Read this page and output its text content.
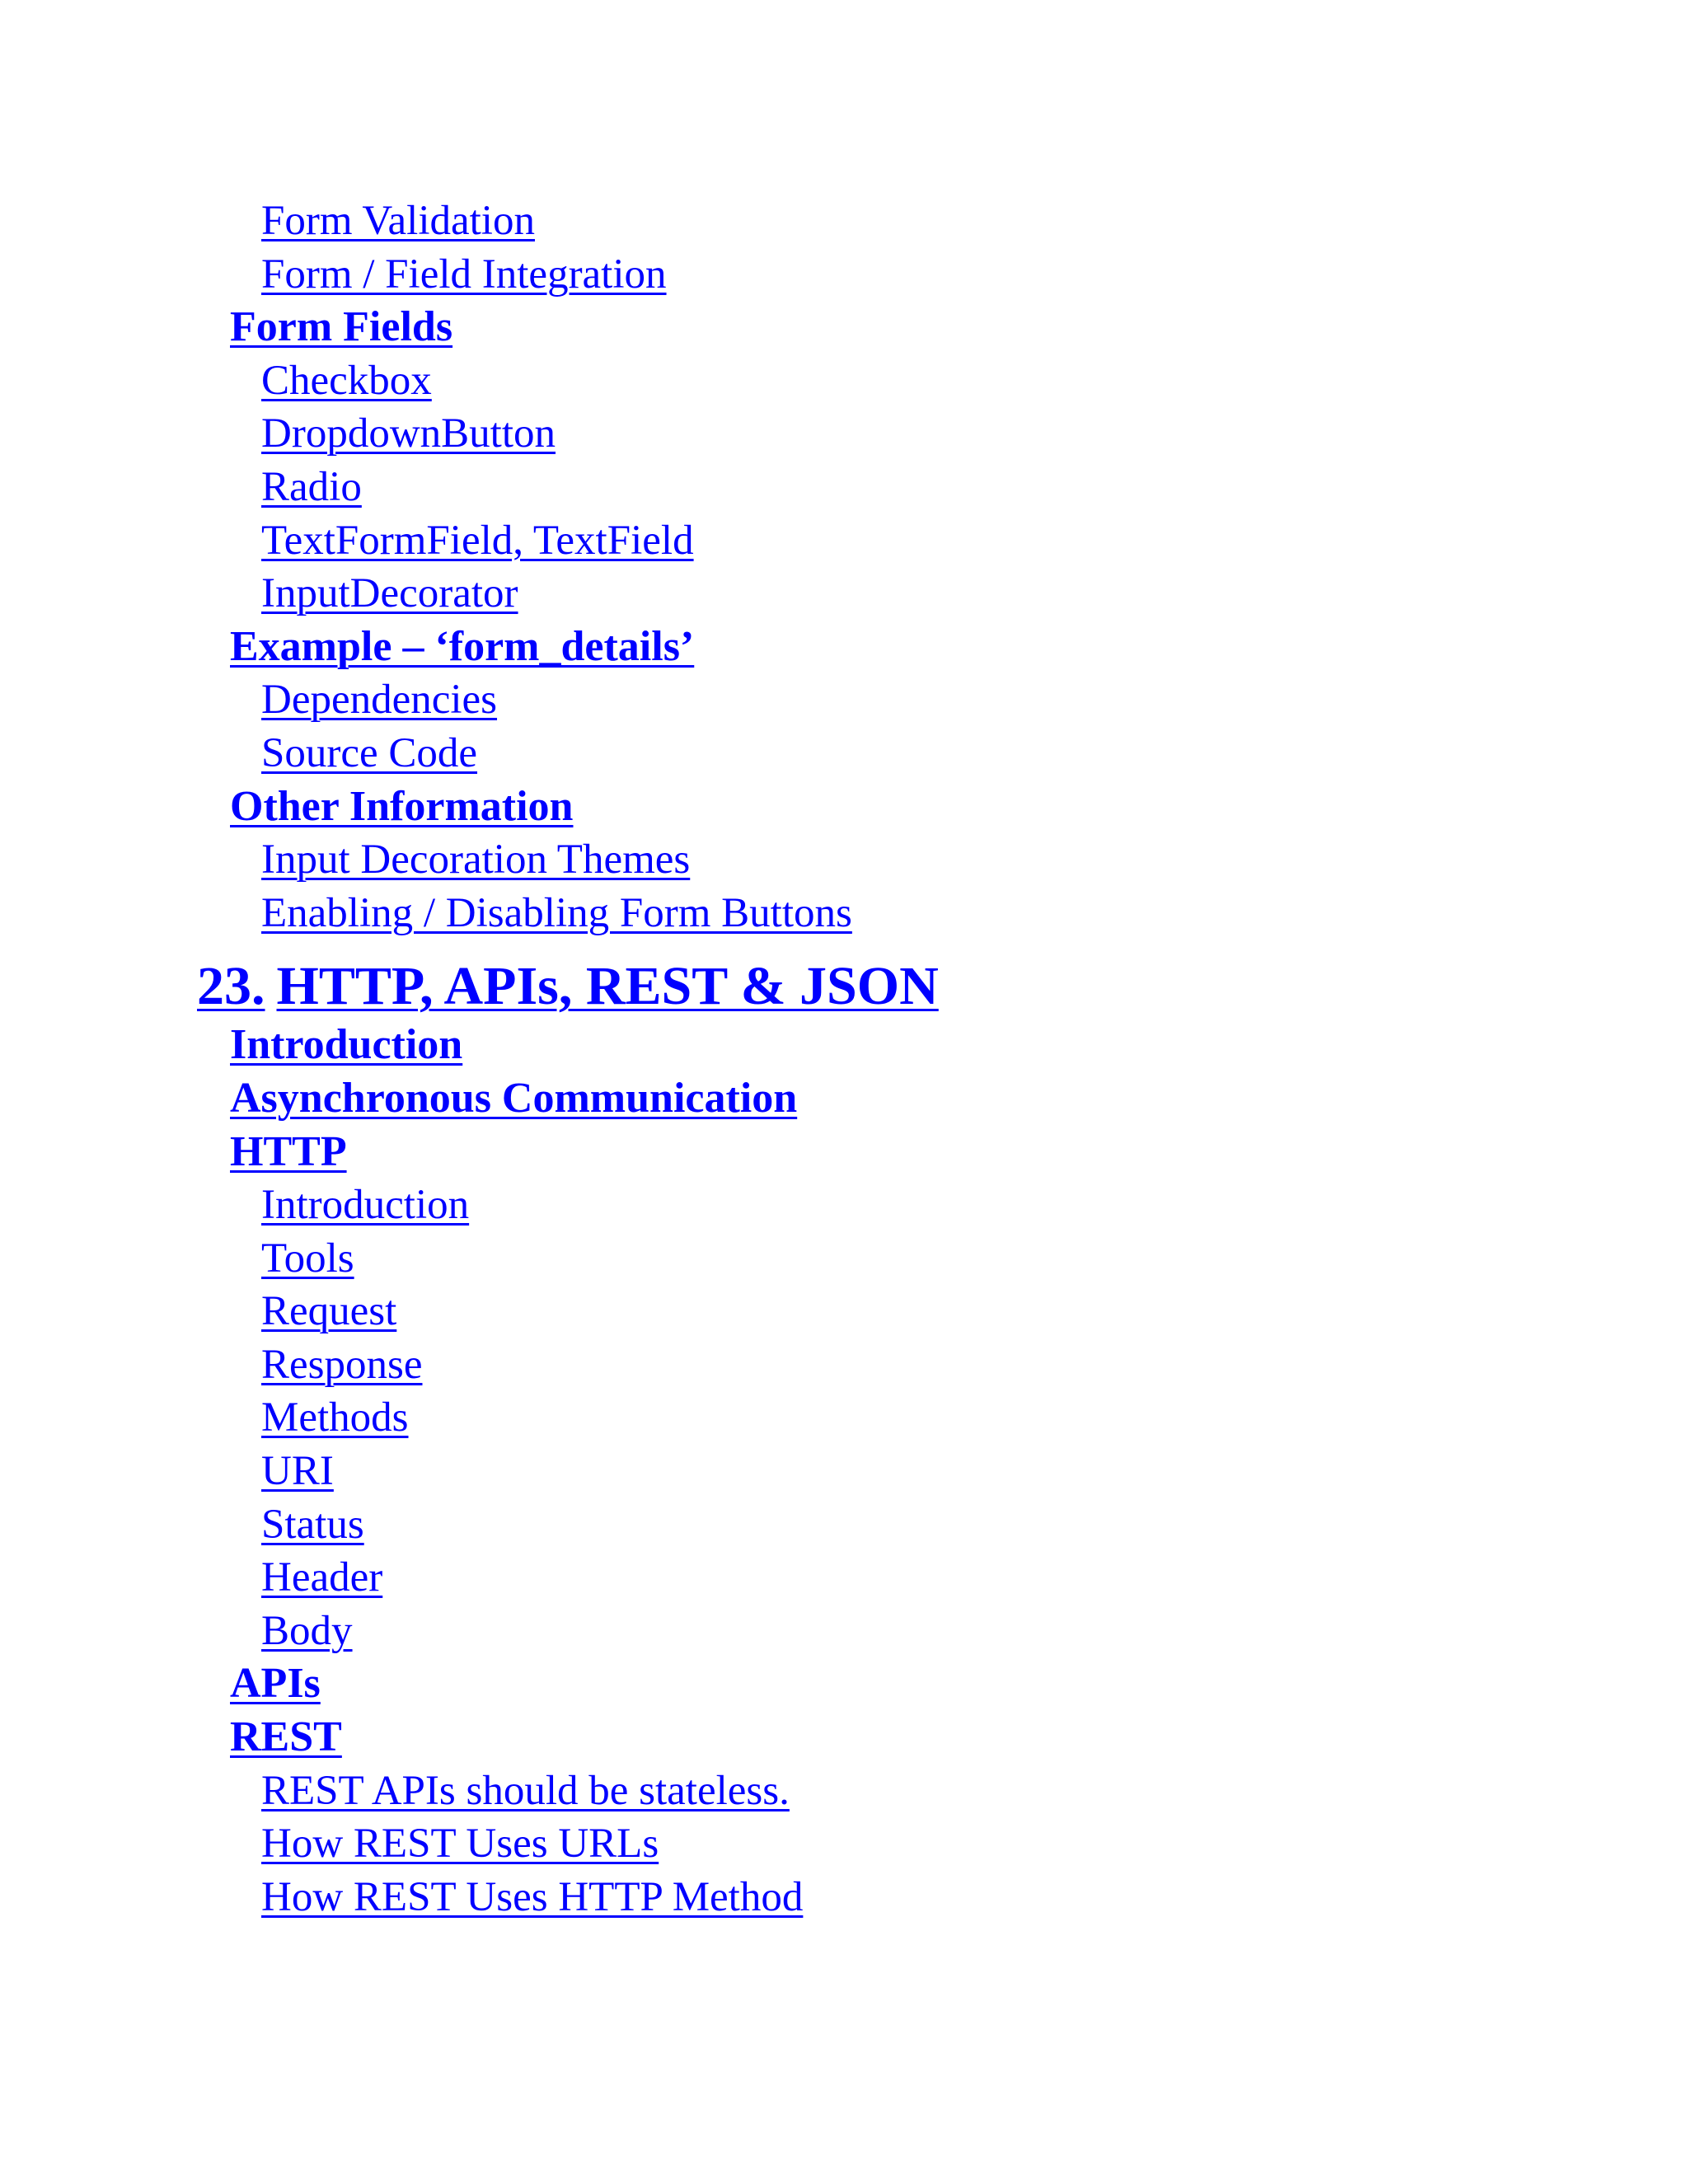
Form Validation
Form / Field Integration
Form Fields
Checkbox
DropdownButton
Radio
TextFormField, TextField
InputDecorator
Example – ‘form_details’
Dependencies
Source Code
Other Information
Input Decoration Themes
Enabling / Disabling Form Buttons
23. HTTP, APIs, REST & JSON
Introduction
Asynchronous Communication
HTTP
Introduction
Tools
Request
Response
Methods
URI
Status
Header
Body
APIs
REST
REST APIs should be stateless.
How REST Uses URLs
How REST Uses HTTP Method
